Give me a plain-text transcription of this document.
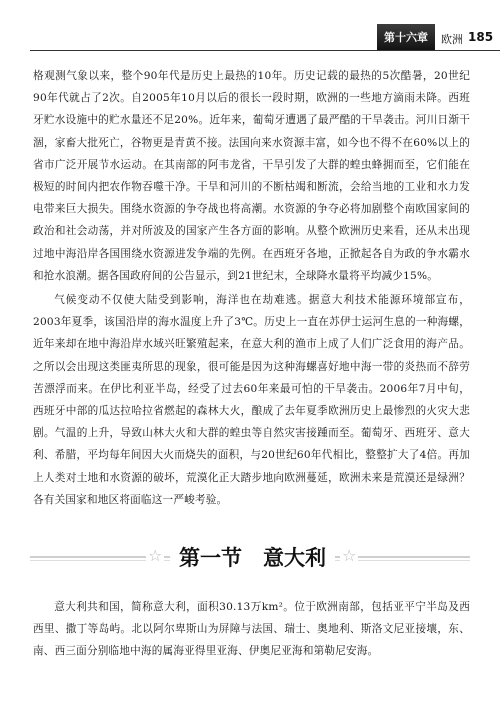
第十六章	欧洲 185

格观测气象以来，整个90年代是历史上最热的10年。历史记载的最热的5次酷暑，20世纪90年代就占了2次。自2005年10月以后的很长一段时期，欧洲的一些地方滴雨未降。西班牙贮水设施中的贮水量还不足20%。近年来，葡萄牙遭遇了最严酷的干旱袭击。河川日渐干涸，家畜大批死亡，谷物更是青黄不接。法国向来水资源丰富，如今也不得不在60%以上的省市广泛开展节水运动。在其南部的阿韦龙省，干旱引发了大群的蝗虫蜂拥而至，它们能在极短的时间内把农作物吞噬干净。干旱和河川的不断枯竭和断流，会给当地的工业和水力发电带来巨大损失。围绕水资源的争夺战也将高潮。水资源的争夺必将加剧整个南欧国家间的政治和社会动荡，并对所波及的国家产生各方面的影响。从整个欧洲历史来看，还从未出现过地中海沿岸各国围绕水资源进发争端的先例。在西班牙各地，正掀起各自为政的争水霸水和抢水浪潮。据各国政府间的公告显示，到21世纪末，全球降水量将平均减少15%。

气候变动不仅使大陆受到影响，海洋也在劫难逃。据意大利技术能源环境部宣布，2003年夏季，该国沿岸的海水温度上升了3℃。历史上一直在苏伊士运河生息的一种海螺，近年来却在地中海沿岸水域兴旺繁殖起来，在意大利的渔市上成了人们广泛食用的海产品。之所以会出现这类匪夷所思的现象，很可能是因为这种海螺喜好地中海一带的炎热而不辞劳苦漂浮而来。在伊比利亚半岛，经受了过去60年来最可怕的干旱袭击。2006年7月中旬，西班牙中部的瓜达拉哈拉省燃起的森林大火，酿成了去年夏季欧洲历史上最惨烈的火灾大悲剧。气温的上升，导致山林大火和大群的蝗虫等自然灾害接踵而至。葡萄牙、西班牙、意大利、希腊，平均每年间因大火而烧失的面积，与20世纪60年代相比，整整扩大了4倍。再加上人类对土地和水资源的破坏，荒漠化正大踏步地向欧洲蔓延，欧洲未来是荒漠还是绿洲？各有关国家和地区将面临这一严峻考验。

☆ 第一节　意大利	☆

意大利共和国，简称意大利，面积30.13万km²。位于欧洲南部，包括亚平宁半岛及西西里、撒丁等岛屿。北以阿尔卑斯山为屏障与法国、瑞士、奥地利、斯洛文尼亚接壤，东、南、西三面分别临地中海的属海亚得里亚海、伊奥尼亚海和第勒尼安海。
